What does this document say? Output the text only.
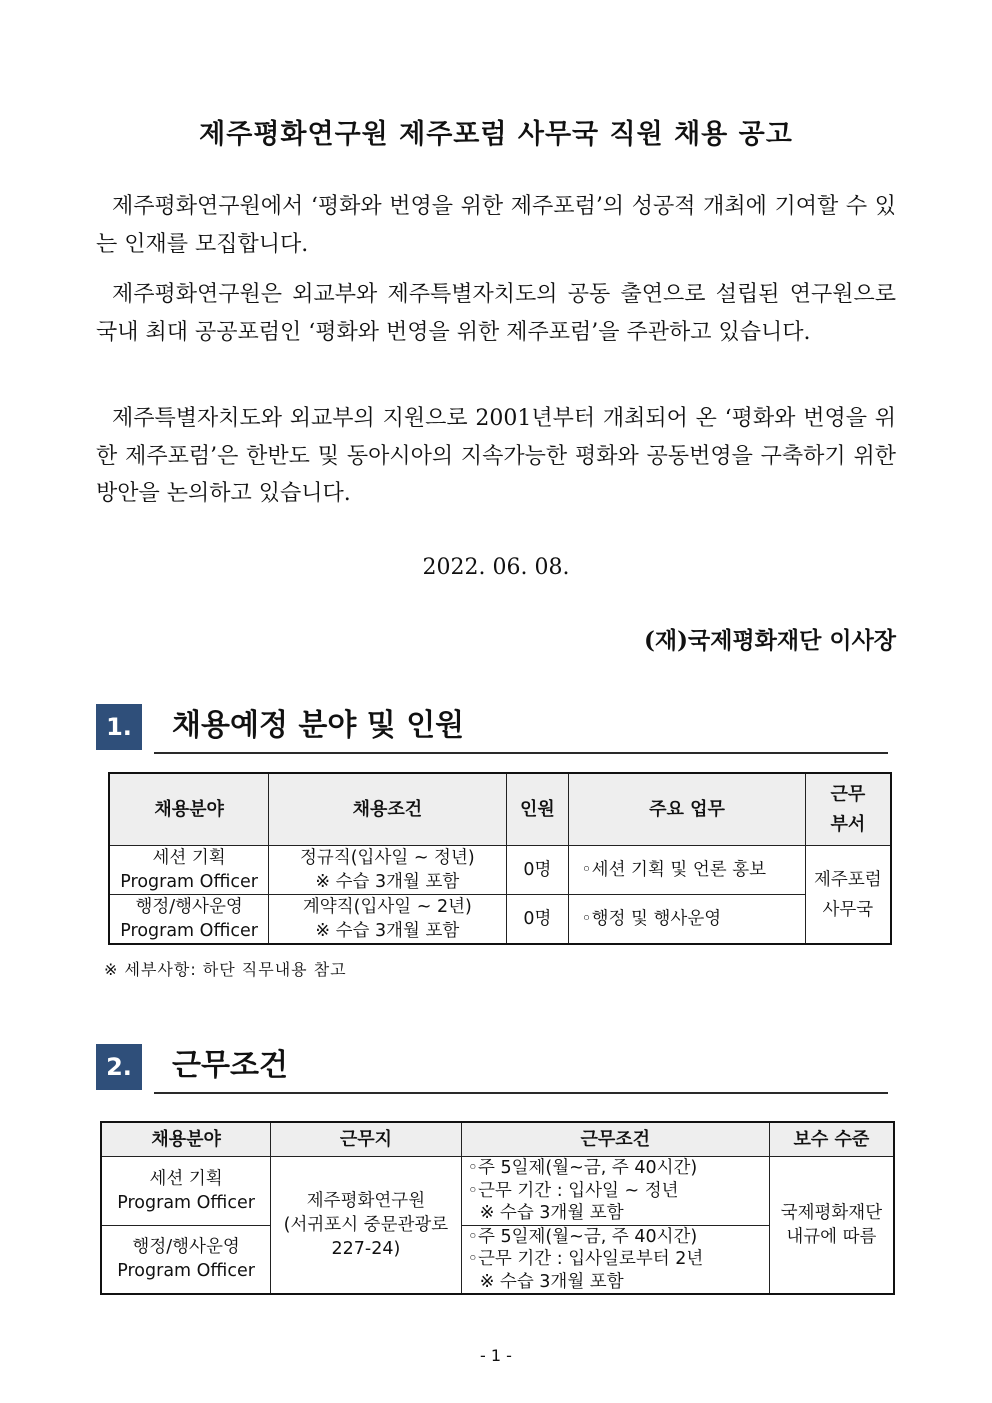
제주평화연구원 제주포럼 사무국 직원 채용 공고
제주평화연구원에서 ‘평화와 번영을 위한 제주포럼’의 성공적 개최에 기여할 수 있는 인재를 모집합니다.
제주평화연구원은 외교부와 제주특별자치도의 공동 출연으로 설립된 연구원으로 국내 최대 공공포럼인 ‘평화와 번영을 위한 제주포럼’을 주관하고 있습니다.
제주특별자치도와 외교부의 지원으로 2001년부터 개최되어 온 ‘평화와 번영을 위한 제주포럼’은 한반도 및 동아시아의 지속가능한 평화와 공동번영을 구축하기 위한 방안을 논의하고 있습니다.
2022. 06. 08.
(재)국제평화재단 이사장
1.	채용예정 분야 및 인원
채용분야	채용조건	인원	주요 업무	근무
부서

세션 기획
Program Officer	정규직(입사일 ~ 정년)
※ 수습 3개월 포함	0명	◦세션 기획 및 언론 홍보	제주포럼
사무국

행정/행사운영
Program Officer	계약직(입사일 ~ 2년)
※ 수습 3개월 포함	0명	◦행정 및 행사운영	
※ 세부사항: 하단 직무내용 참고
2.	근무조건
채용분야	근무지	근무조건	보수 수준

세션 기획
Program Officer	제주평화연구원
(서귀포시 중문관광로
227-24)	◦주 5일제(월~금, 주 40시간)
◦근무 기간 : 입사일 ~ 정년
※ 수습 3개월 포함	국제평화재단
내규에 따름

행정/행사운영
Program Officer		◦주 5일제(월~금, 주 40시간)
◦근무 기간 : 입사일로부터 2년
※ 수습 3개월 포함	
- 1 -
